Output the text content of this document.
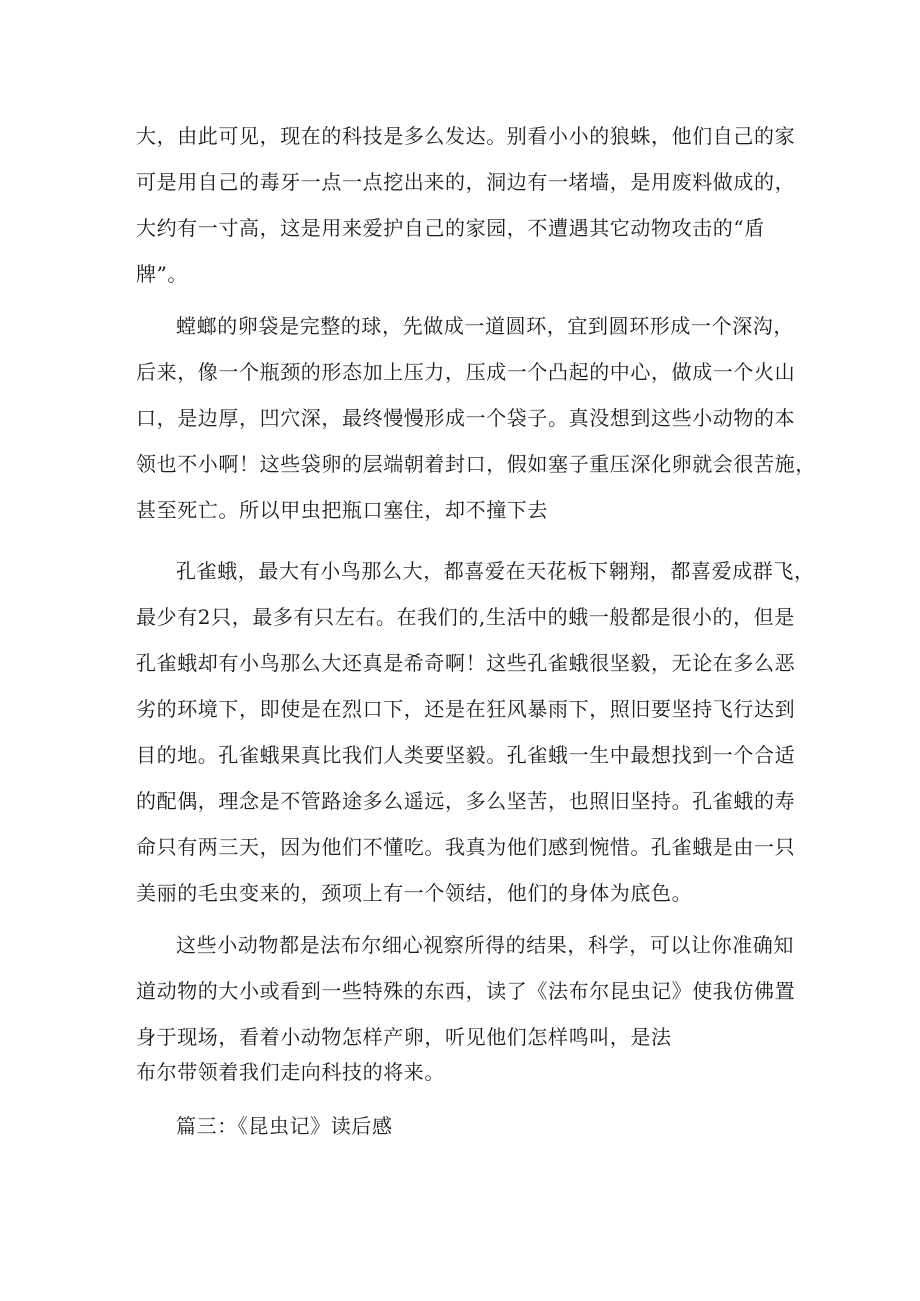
大，由此可见，现在的科技是多么发达。别看小小的狼蛛，他们自己的家
可是用自己的毒牙一点一点挖出来的，洞边有一堵墙，是用废料做成的，
大约有一寸高，这是用来爱护自己的家园，不遭遇其它动物攻击的“盾
牌”。
螳螂的卵袋是完整的球，先做成一道圆环，宜到圆环形成一个深沟，
后来，像一个瓶颈的形态加上压力，压成一个凸起的中心，做成一个火山
口，是边厚，凹穴深，最终慢慢形成一个袋子。真没想到这些小动物的本
领也不小啊！这些袋卵的层端朝着封口，假如塞子重压深化卵就会很苦施，
甚至死亡。所以甲虫把瓶口塞住，却不撞下去
孔雀蛾，最大有小鸟那么大，都喜爱在天花板下翱翔，都喜爱成群飞，
最少有2只，最多有只左右。在我们的,生活中的蛾一般都是很小的，但是
孔雀蛾却有小鸟那么大还真是希奇啊！这些孔雀蛾很坚毅，无论在多么恶
劣的环境下，即使是在烈口下，还是在狂风暴雨下，照旧要坚持飞行达到
目的地。孔雀蛾果真比我们人类要坚毅。孔雀蛾一生中最想找到一个合适
的配偶，理念是不管路途多么遥远，多么坚苦，也照旧坚持。孔雀蛾的寿
命只有两三天，因为他们不懂吃。我真为他们感到惋惜。孔雀蛾是由一只
美丽的毛虫变来的，颈项上有一个领结，他们的身体为底色。
这些小动物都是法布尔细心视察所得的结果，科学，可以让你准确知
道动物的大小或看到一些特殊的东西，读了《法布尔昆虫记》使我仿佛置
身于现场，看着小动物怎样产卵，听见他们怎样鸣叫，是法
布尔带领着我们走向科技的将来。
篇三：《昆虫记》读后感
